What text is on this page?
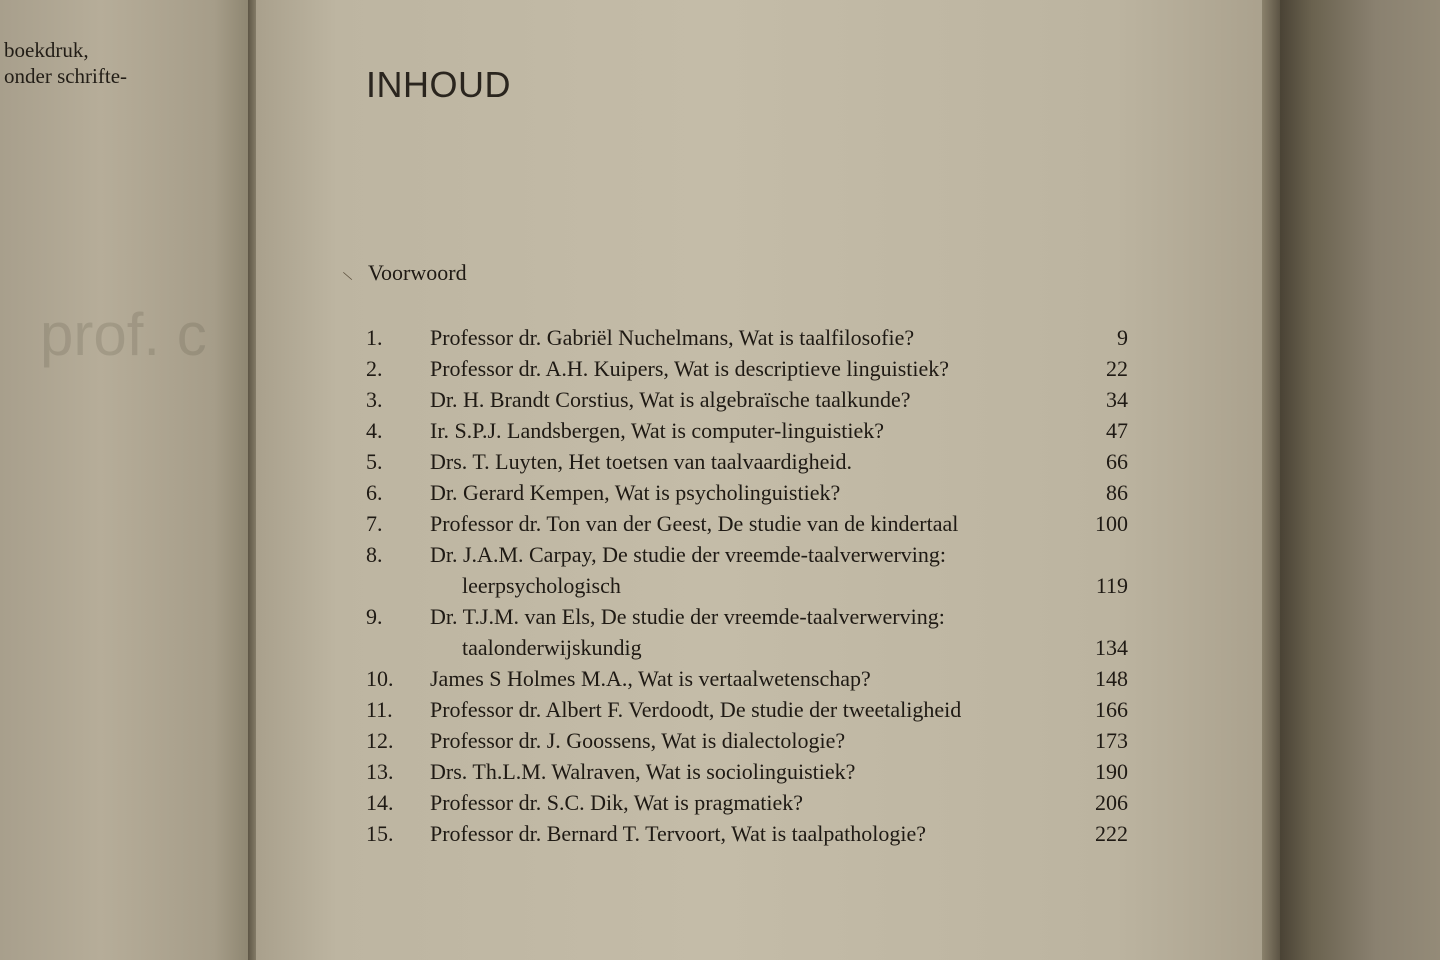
boekdruk,
onder schrifte-
prof. c
INHOUD
\ Voorwoord
1. Professor dr. Gabriël Nuchelmans, Wat is taalfilosofie?	9
2. Professor dr. A.H. Kuipers, Wat is descriptieve linguistiek?	22
3. Dr. H. Brandt Corstius, Wat is algebraïsche taalkunde?	34
4. Ir. S.P.J. Landsbergen, Wat is computer-linguistiek?	47
5. Drs. T. Luyten, Het toetsen van taalvaardigheid.	66
6. Dr. Gerard Kempen, Wat is psycholinguistiek?	86
7. Professor dr. Ton van der Geest, De studie van de kindertaal	100
8. Dr. J.A.M. Carpay, De studie der vreemde-taalverwerving:
leerpsychologisch	119
9. Dr. T.J.M. van Els, De studie der vreemde-taalverwerving:
taalonderwijskundig	134
10. James S Holmes M.A., Wat is vertaalwetenschap?	148
11. Professor dr. Albert F. Verdoodt, De studie der tweetaligheid	166
12. Professor dr. J. Goossens, Wat is dialectologie?	173
13. Drs. Th.L.M. Walraven, Wat is sociolinguistiek?	190
14. Professor dr. S.C. Dik, Wat is pragmatiek?	206
15. Professor dr. Bernard T. Tervoort, Wat is taalpathologie?	222
